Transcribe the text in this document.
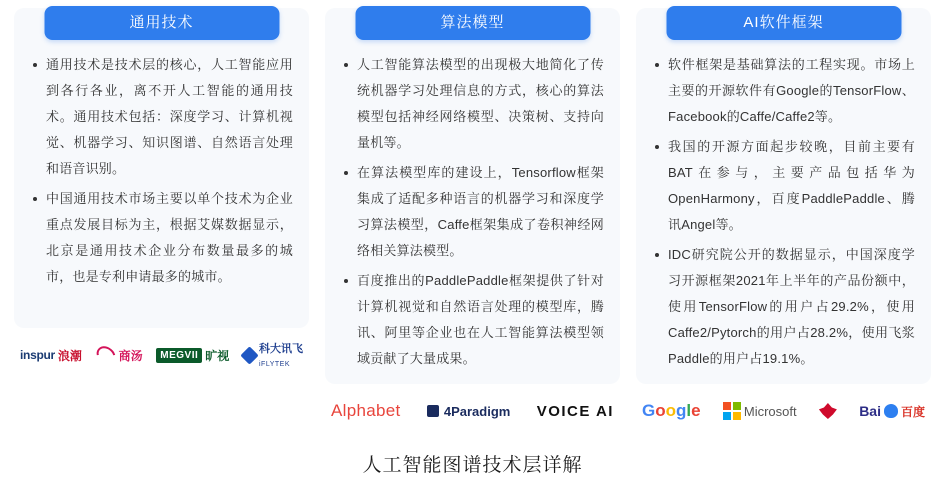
通用技术
通用技术是技术层的核心，人工智能应用到各行各业，离不开人工智能的通用技术。通用技术包括：深度学习、计算机视觉、机器学习、知识图谱、自然语言处理和语音识别。
中国通用技术市场主要以单个技术为企业重点发展目标为主，根据艾媒数据显示，北京是通用技术企业分布数量最多的城市，也是专利申请最多的城市。
inspur 浪潮	商汤	MEGVII 旷视	科大讯飞
iFLYTEK
算法模型
人工智能算法模型的出现极大地简化了传统机器学习处理信息的方式，核心的算法模型包括神经网络模型、决策树、支持向量机等。
在算法模型库的建设上，Tensorflow框架集成了适配多种语言的机器学习和深度学习算法模型，Caffe框架集成了卷积神经网络相关算法模型。
百度推出的PaddlePaddle框架提供了针对计算机视觉和自然语言处理的模型库，腾讯、阿里等企业也在人工智能算法模型领域贡献了大量成果。
Alphabet	4Paradigm VOICE AI
AI软件框架
软件框架是基础算法的工程实现。市场上主要的开源软件有Google的TensorFlow、Facebook的Caffe/Caffe2等。
我国的开源方面起步较晚，目前主要有BAT在参与，主要产品包括华为OpenHarmony，百度PaddlePaddle、腾讯Angel等。
IDC研究院公开的数据显示，中国深度学习开源框架2021年上半年的产品份额中，使用TensorFlow的用户占29.2%，使用Caffe2/Pytorch的用户占28.2%，使用飞浆Paddle的用户占19.1%。
Google	Microsoft	Bai 百度
人工智能图谱技术层详解
